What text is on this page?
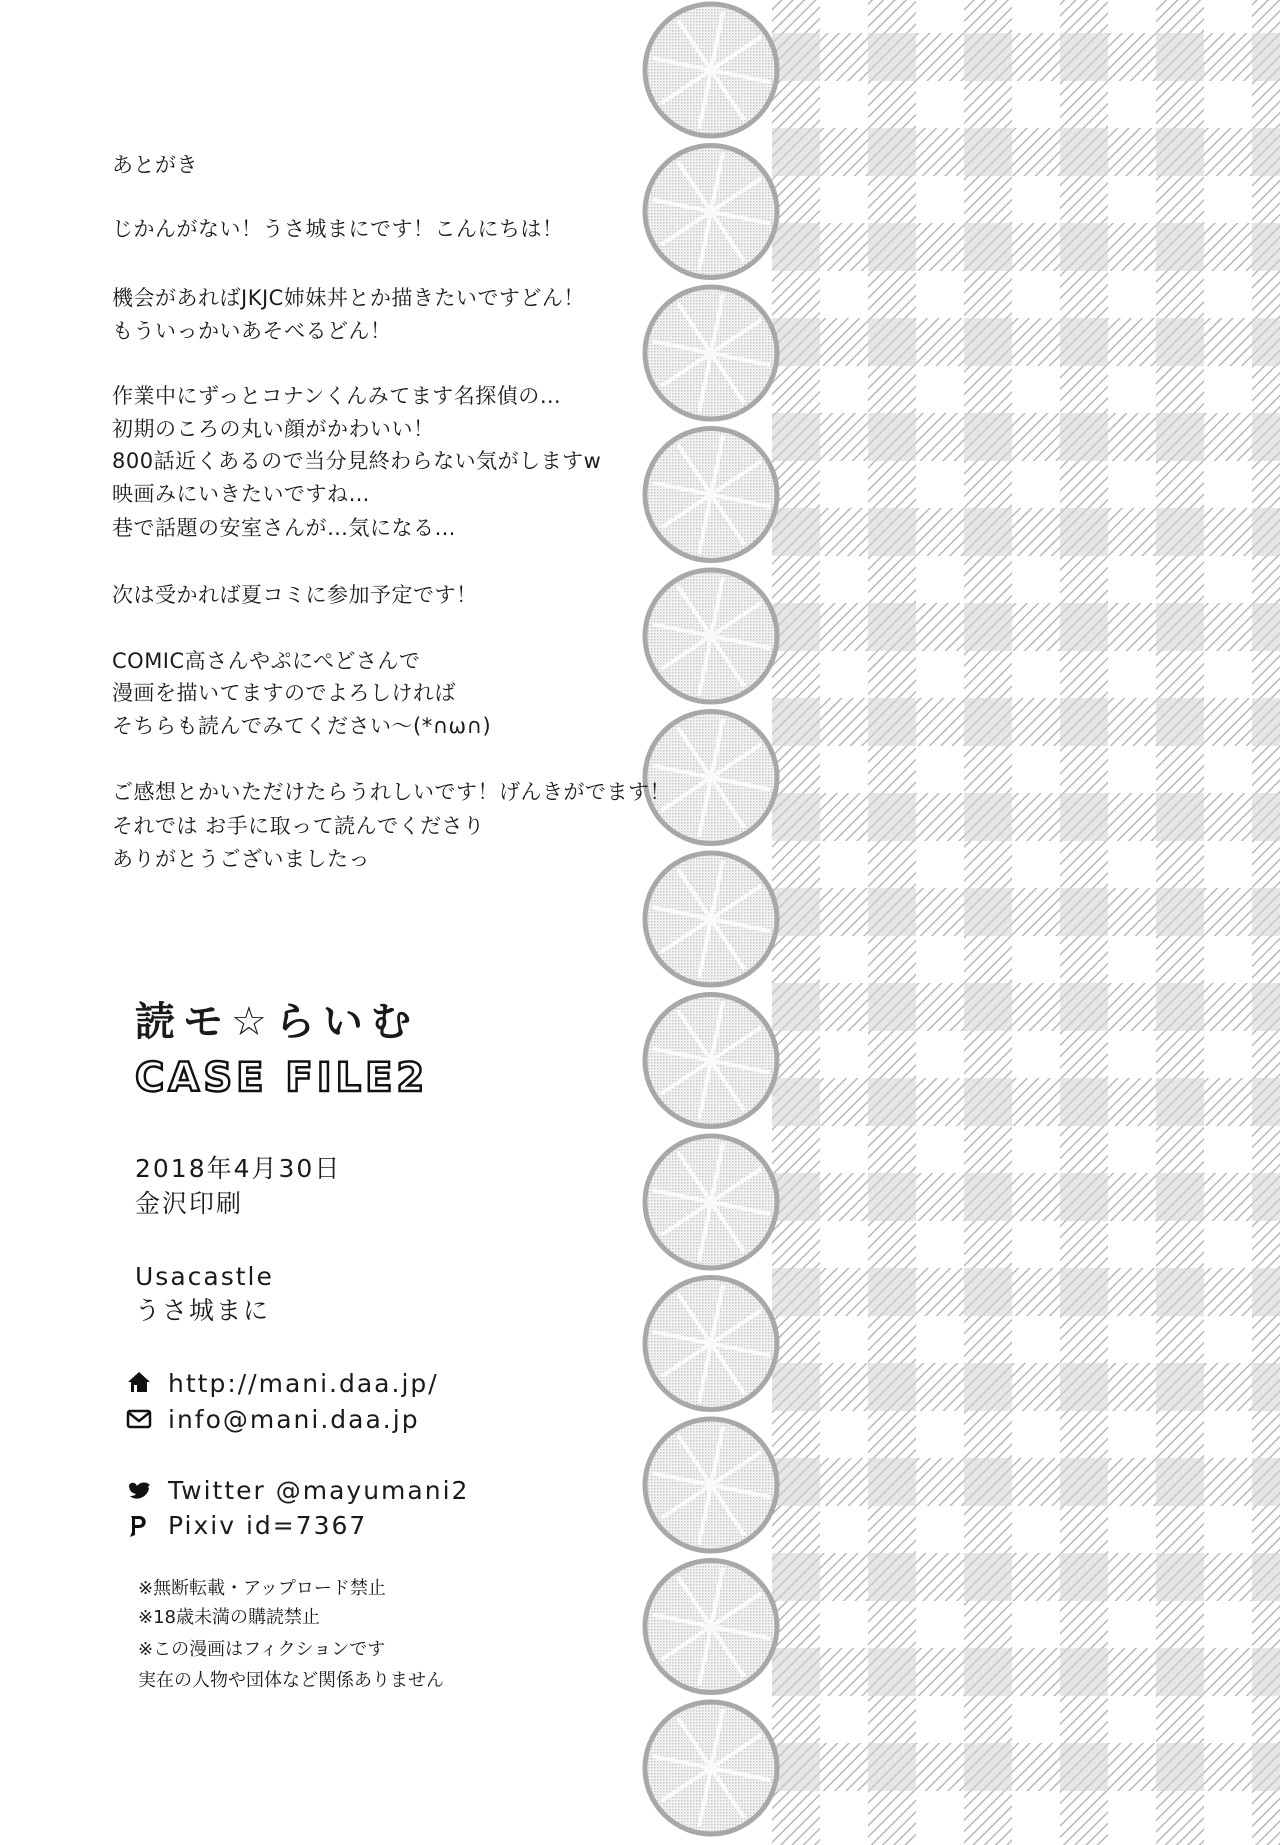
あとがき
じかんがない！うさ城まにです！こんにちは！
機会があればJKJC姉妹丼とか描きたいですどん！
もういっかいあそべるどん！
作業中にずっとコナンくんみてます名探偵の…
初期のころの丸い顔がかわいい！
800話近くあるので当分見終わらない気がしますw
映画みにいきたいですね…
巷で話題の安室さんが…気になる…
次は受かれば夏コミに参加予定です！
COMIC高さんやぷにぺどさんで
漫画を描いてますのでよろしければ
そちらも読んでみてください～(*∩ω∩)
ご感想とかいただけたらうれしいです！げんきがでます！
それでは お手に取って読んでくださり
ありがとうございましたっ
読モ☆らいむ
CASE FILE2
2018年4月30日
金沢印刷
Usacastle
うさ城まに
http://mani.daa.jp/
info@mani.daa.jp
Twitter @mayumani2
Pixiv id=7367
※無断転載・アップロード禁止
※18歳未満の購読禁止
※この漫画はフィクションです
実在の人物や団体など関係ありません
